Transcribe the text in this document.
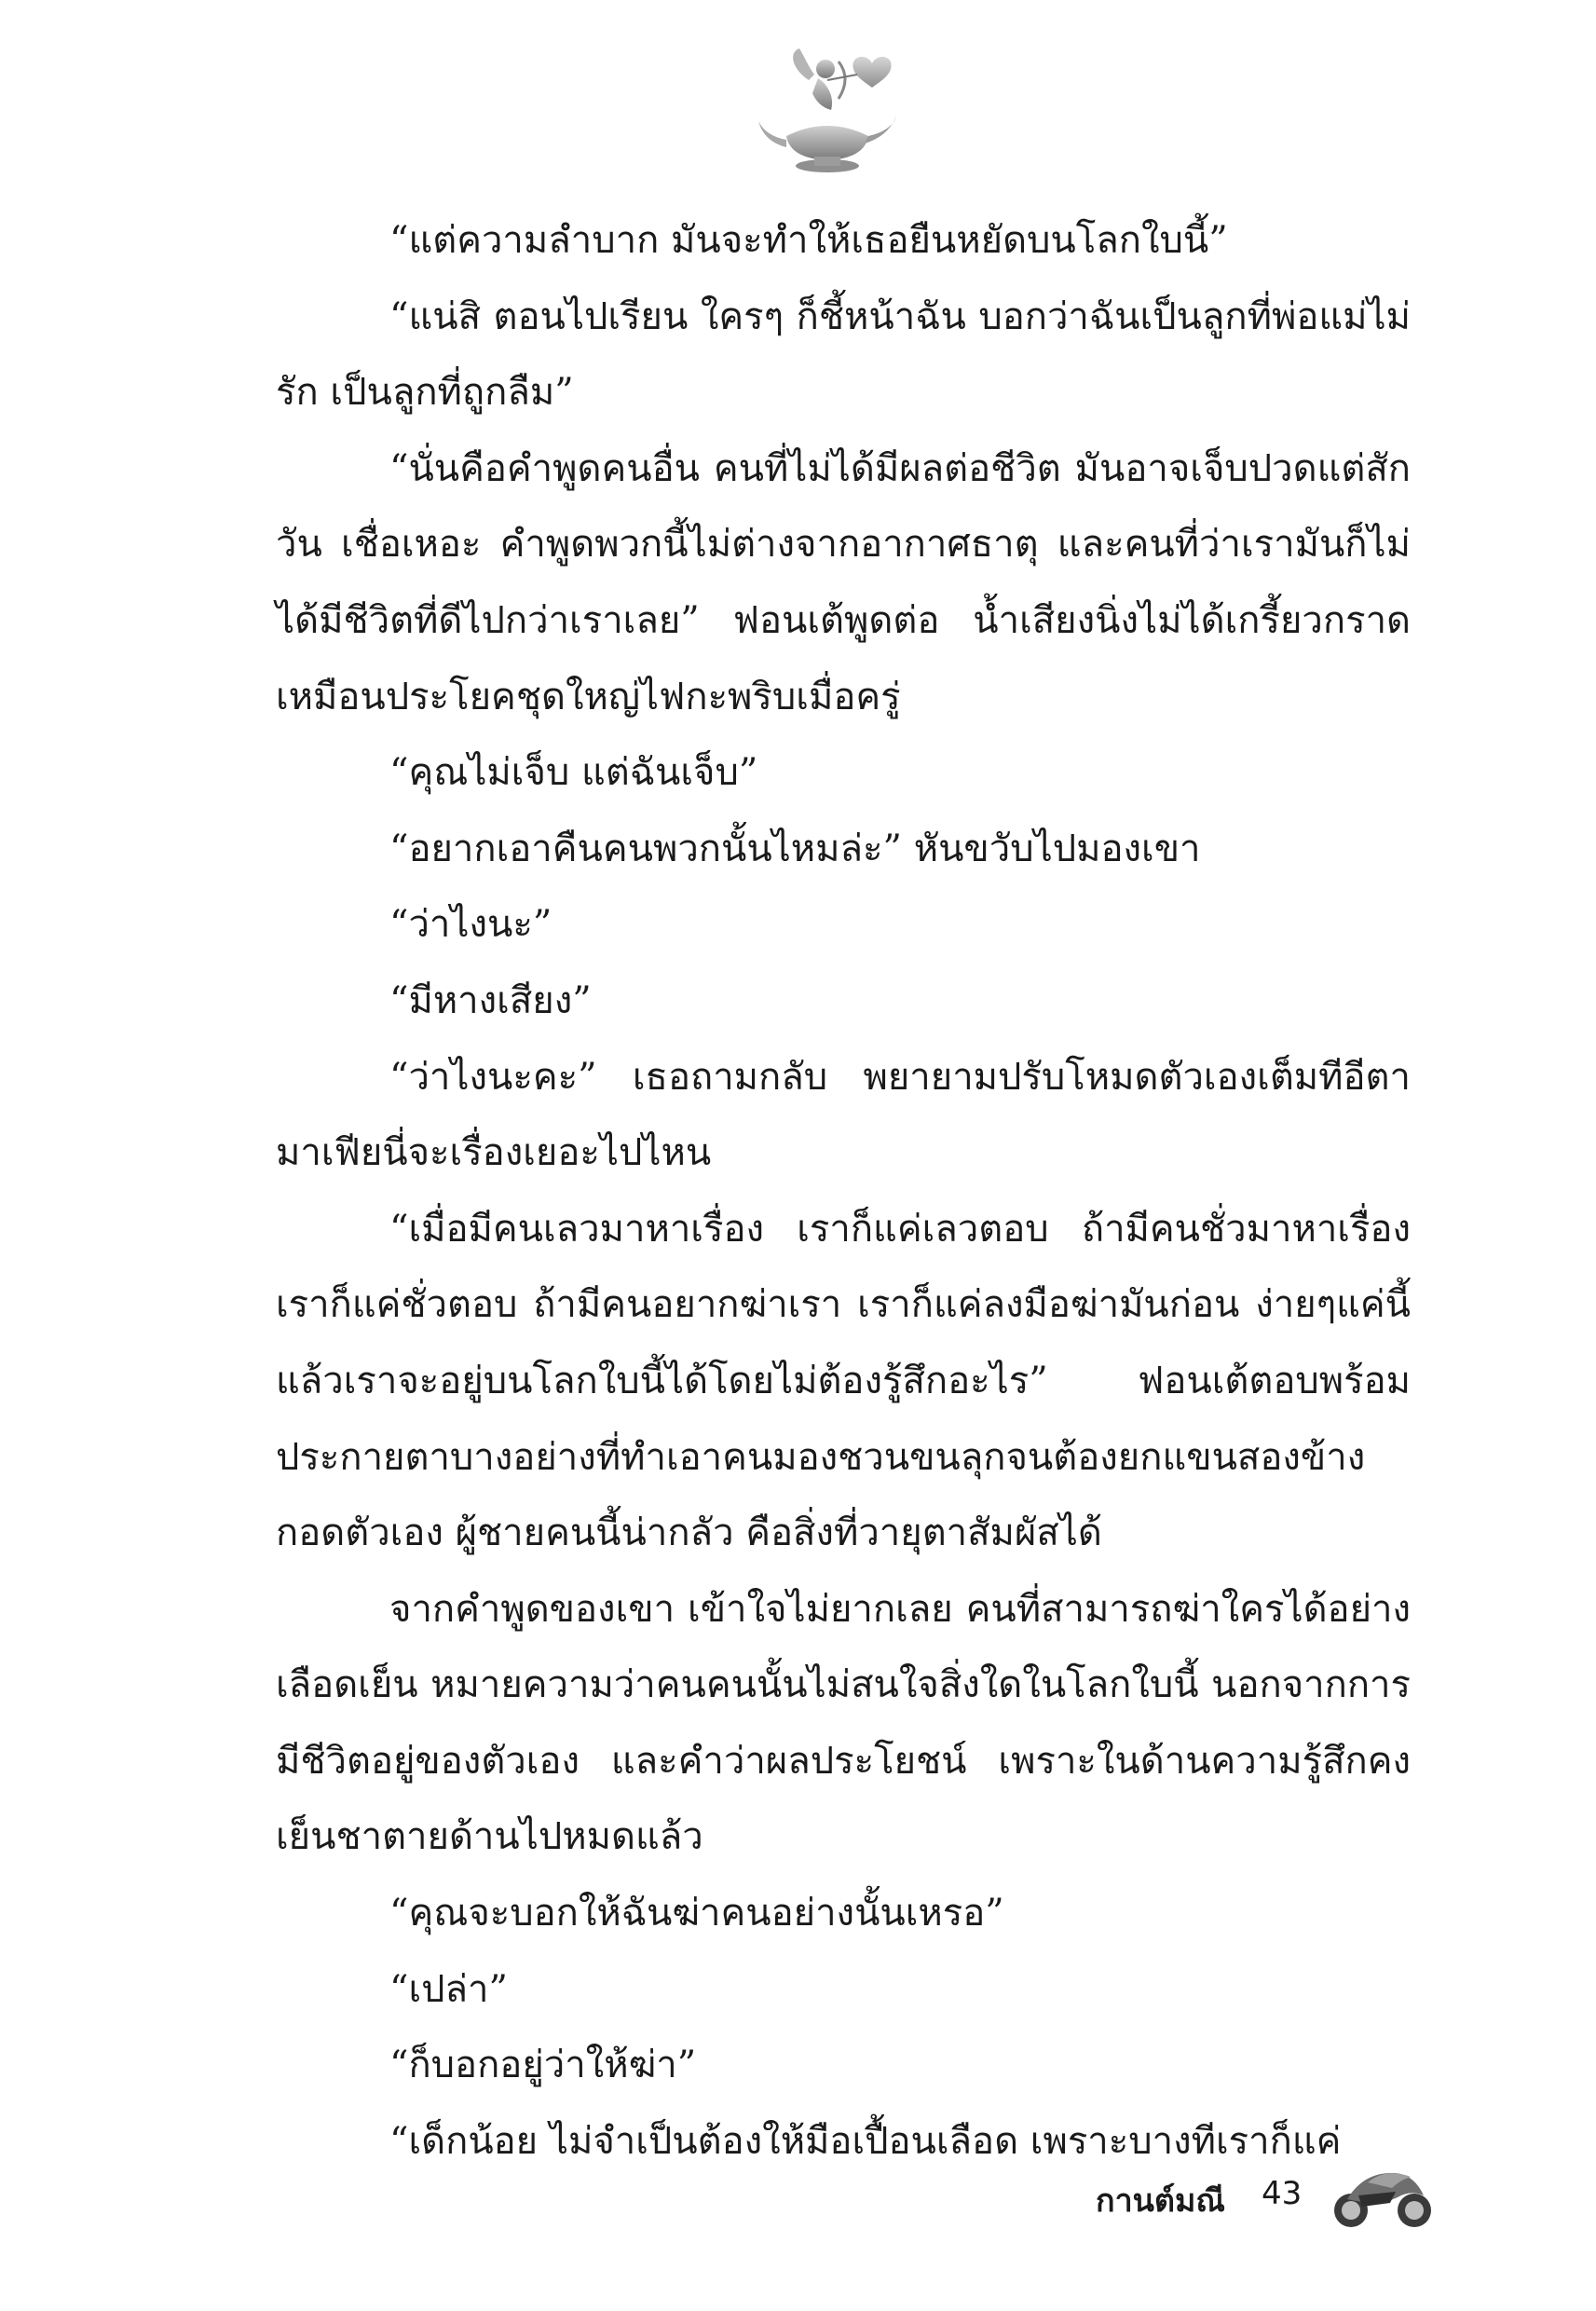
“แต่ความลำบาก มันจะทำให้เธอยืนหยัดบนโลกใบนี้”

“แน่สิ ตอนไปเรียน ใครๆ ก็ชี้หน้าฉัน บอกว่าฉันเป็นลูกที่พ่อแม่ไม่รัก เป็นลูกที่ถูกลืม”

“นั่นคือคำพูดคนอื่น คนที่ไม่ได้มีผลต่อชีวิต มันอาจเจ็บปวดแต่สักวัน เชื่อเหอะ คำพูดพวกนี้ไม่ต่างจากอากาศธาตุ และคนที่ว่าเรามันก็ไม่ได้มีชีวิตที่ดีไปกว่าเราเลย” ฟอนเต้พูดต่อ น้ำเสียงนิ่งไม่ได้เกรี้ยวกราดเหมือนประโยคชุดใหญ่ไฟกะพริบเมื่อครู่

“คุณไม่เจ็บ แต่ฉันเจ็บ”

“อยากเอาคืนคนพวกนั้นไหมล่ะ” หันขวับไปมองเขา

“ว่าไงนะ”

“มีหางเสียง”

“ว่าไงนะคะ” เธอถามกลับ พยายามปรับโหมดตัวเองเต็มทีอีตามาเฟียนี่จะเรื่องเยอะไปไหน

“เมื่อมีคนเลวมาหาเรื่อง เราก็แค่เลวตอบ ถ้ามีคนชั่วมาหาเรื่องเราก็แค่ชั่วตอบ ถ้ามีคนอยากฆ่าเรา เราก็แค่ลงมือฆ่ามันก่อน ง่ายๆแค่นี้ แล้วเราจะอยู่บนโลกใบนี้ได้โดยไม่ต้องรู้สึกอะไร” ฟอนเต้ตอบพร้อมประกายตาบางอย่างที่ทำเอาคนมองชวนขนลุกจนต้องยกแขนสองข้างกอดตัวเอง ผู้ชายคนนี้น่ากลัว คือสิ่งที่วายุตาสัมผัสได้

จากคำพูดของเขา เข้าใจไม่ยากเลย คนที่สามารถฆ่าใครได้อย่างเลือดเย็น หมายความว่าคนคนนั้นไม่สนใจสิ่งใดในโลกใบนี้ นอกจากการมีชีวิตอยู่ของตัวเอง และคำว่าผลประโยชน์ เพราะในด้านความรู้สึกคงเย็นชาตายด้านไปหมดแล้ว

“คุณจะบอกให้ฉันฆ่าคนอย่างนั้นเหรอ”

“เปล่า”

“ก็บอกอยู่ว่าให้ฆ่า”

“เด็กน้อย ไม่จำเป็นต้องให้มือเปื้อนเลือด เพราะบางทีเราก็แค่

กานต์มณี 43
